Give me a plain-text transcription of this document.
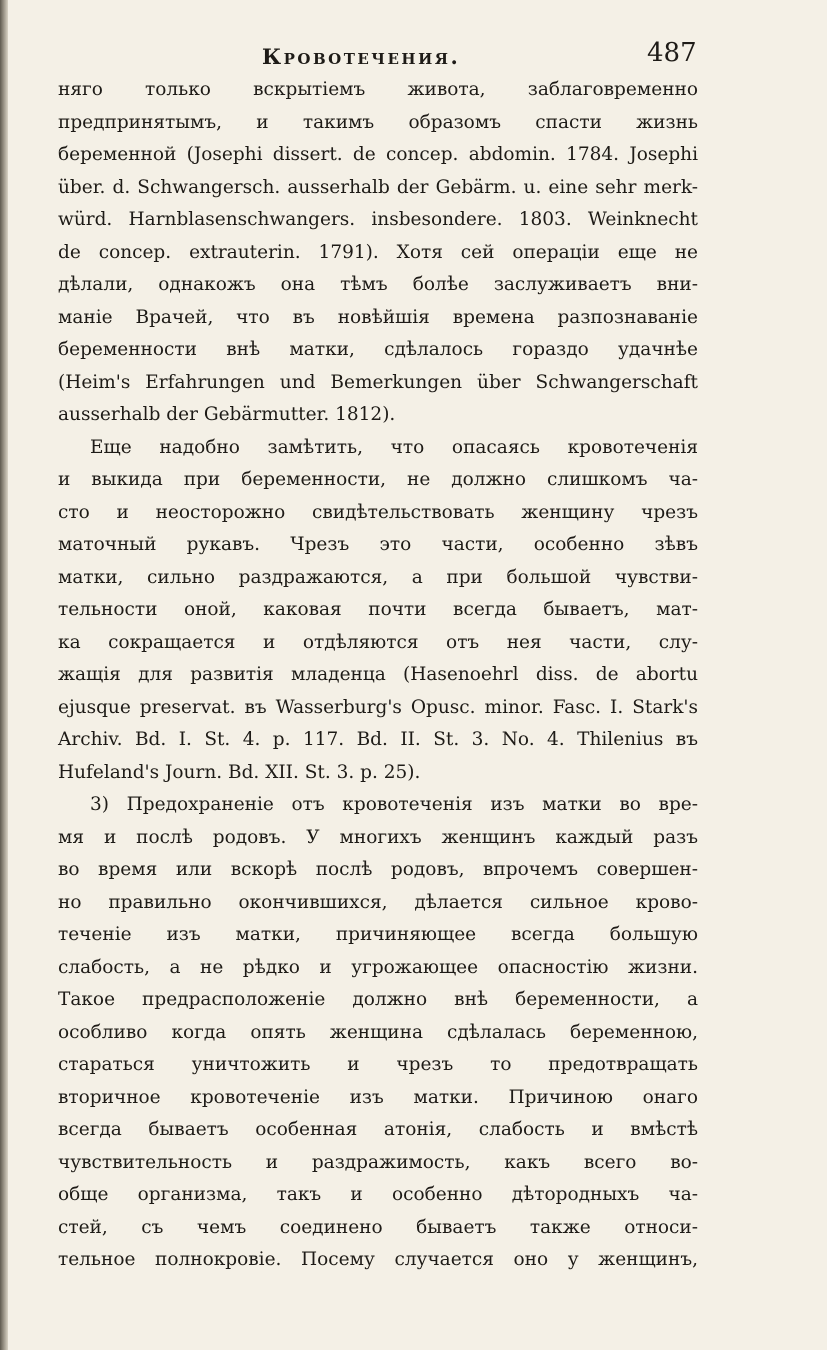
Кровотечения.	487
няго только вскрытіемъ живота, заблаговременно
предпринятымъ, и такимъ образомъ спасти жизнь
беременной (Josephi dissert. de concep. abdomin. 1784. Josephi
über. d. Schwangersch. ausserhalb der Gebärm. u. eine sehr merk-
würd. Harnblasenschwangers. insbesondere. 1803. Weinknecht
de concep. extrauterin. 1791). Хотя сей операціи еще не
дѣлали, однакожъ она тѣмъ болѣе заслуживаетъ вни-
маніе Врачей, что въ новѣйшія времена разпознаваніе
беременности внѣ матки, сдѣлалось гораздо удачнѣе
(Heim's Erfahrungen und Bemerkungen über Schwangerschaft
ausserhalb der Gebärmutter. 1812).
Еще надобно замѣтить, что опасаясь кровотеченія
и выкида при беременности, не должно слишкомъ ча-
сто и неосторожно свидѣтельствовать женщину чрезъ
маточный рукавъ. Чрезъ это части, особенно зѣвъ
матки, сильно раздражаются, а при большой чувстви-
тельности оной, каковая почти всегда бываетъ, мат-
ка сокращается и отдѣляются отъ нея части, слу-
жащія для развитія младенца (Hasenoehrl diss. de abortu
ejusque preservat. въ Wasserburg's Opusc. minor. Fasc. I. Stark's
Archiv. Bd. I. St. 4. p. 117. Bd. II. St. 3. No. 4. Thilenius въ
Hufeland's Journ. Bd. XII. St. 3. p. 25).
3) Предохраненіе отъ кровотеченія изъ матки во вре-
мя и послѣ родовъ. У многихъ женщинъ каждый разъ
во время или вскорѣ послѣ родовъ, впрочемъ совершен-
но правильно окончившихся, дѣлается сильное крово-
теченіе изъ матки, причиняющее всегда большую
слабость, а не рѣдко и угрожающее опасностію жизни.
Такое предрасположеніе должно внѣ беременности, а
особливо когда опять женщина сдѣлалась беременною,
стараться уничтожить и чрезъ то предотвращать
вторичное кровотеченіе изъ матки. Причиною онаго
всегда бываетъ особенная атонія, слабость и вмѣстѣ
чувствительность и раздражимость, какъ всего во-
обще организма, такъ и особенно дѣтородныхъ ча-
стей, съ чемъ соединено бываетъ также относи-
тельное полнокровіе. Посему случается оно у женщинъ,
